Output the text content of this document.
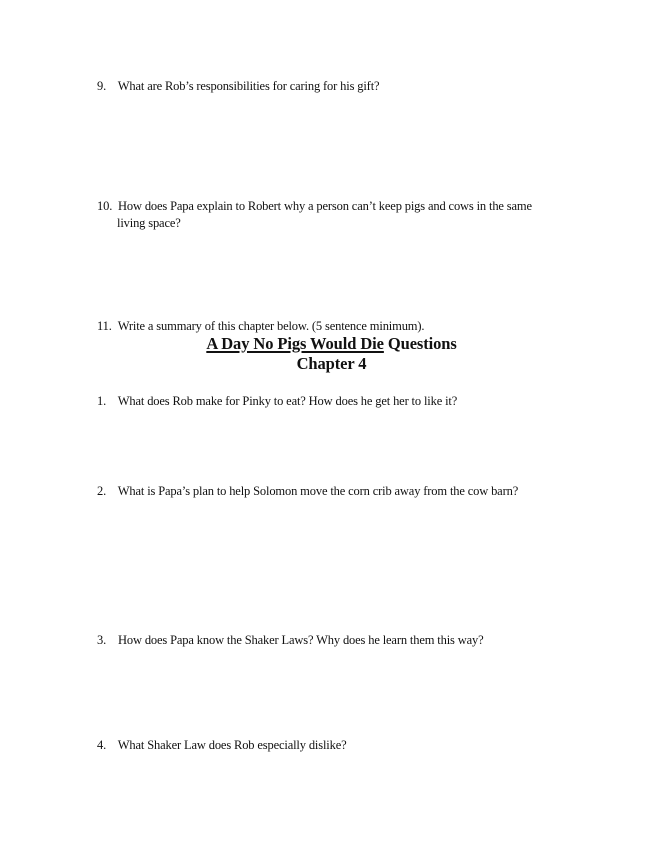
9. What are Rob’s responsibilities for caring for his gift?
10. How does Papa explain to Robert why a person can’t keep pigs and cows in the same
living space?
11. Write a summary of this chapter below. (5 sentence minimum).
A Day No Pigs Would Die Questions
Chapter 4
1. What does Rob make for Pinky to eat? How does he get her to like it?
2. What is Papa’s plan to help Solomon move the corn crib away from the cow barn?
3. How does Papa know the Shaker Laws? Why does he learn them this way?
4. What Shaker Law does Rob especially dislike?
